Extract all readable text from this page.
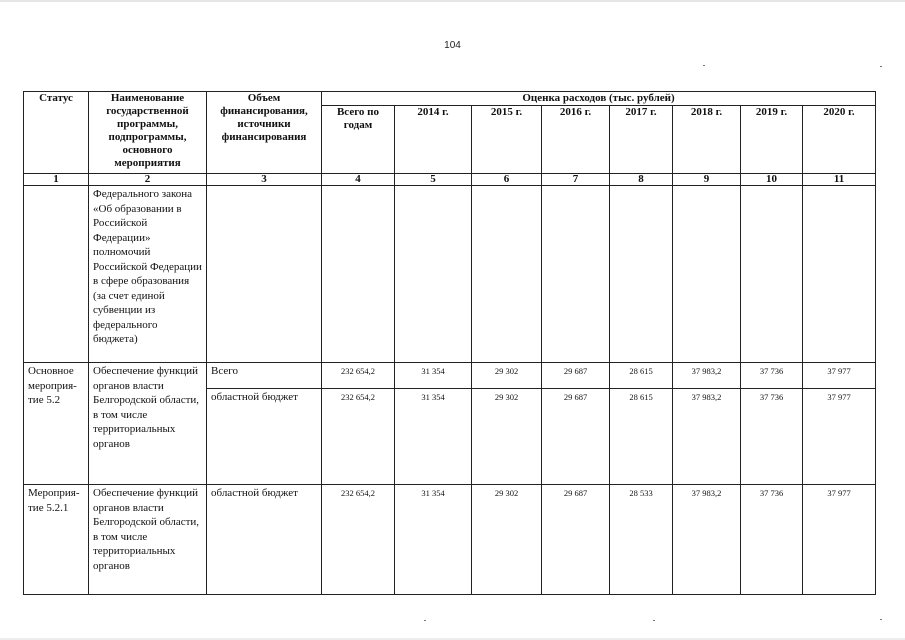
104
Статус	Наименование государственной программы, подпрограммы, основного мероприятия	Объем финансирования, источники финансирования	Оценка расходов (тыс. рублей)							
			Всего по годам	2014 г.	2015 г.	2016 г.	2017 г.	2018 г.	2019 г.	2020 г.
1	2	3	4	5	6	7	8	9	10	11
	Федерального закона «Об образовании в Российской Федерации» полномочий Российской Федерации в сфере образования (за счет единой субвенции из федерального бюджета)									
Основное мероприя-тие 5.2	Обеспечение функций органов власти Белгородской области, в том числе территориальных органов	Всего	232 654,2	31 354	29 302	29 687	28 615	37 983,2	37 736	37 977
		областной бюджет	232 654,2	31 354	29 302	29 687	28 615	37 983,2	37 736	37 977
Мероприя-тие 5.2.1	Обеспечение функций органов власти Белгородской области, в том числе территориальных органов	областной бюджет	232 654,2	31 354	29 302	29 687	28 533	37 983,2	37 736	37 977
